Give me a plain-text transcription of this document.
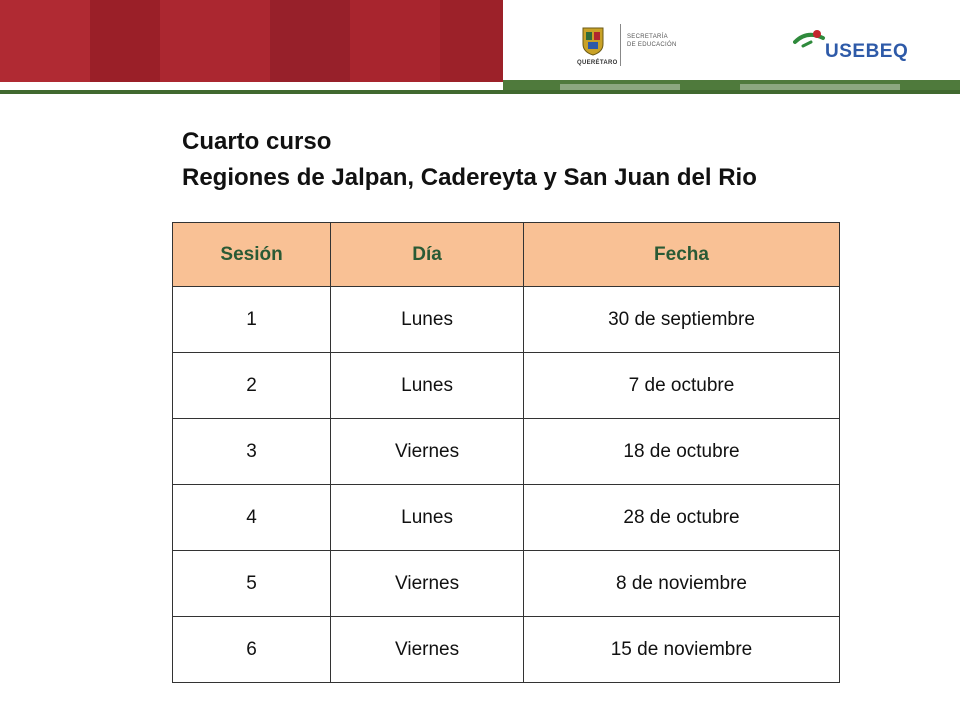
QUERÉTARO
SECRETARÍA
DE EDUCACIÓN	USEBEQ
Cuarto curso
Regiones de Jalpan, Cadereyta y San Juan del Rio
Sesión	Día	Fecha
1	Lunes	30 de septiembre
2	Lunes	7 de octubre
3	Viernes	18 de octubre
4	Lunes	28 de octubre
5	Viernes	8 de noviembre
6	Viernes	15 de noviembre
